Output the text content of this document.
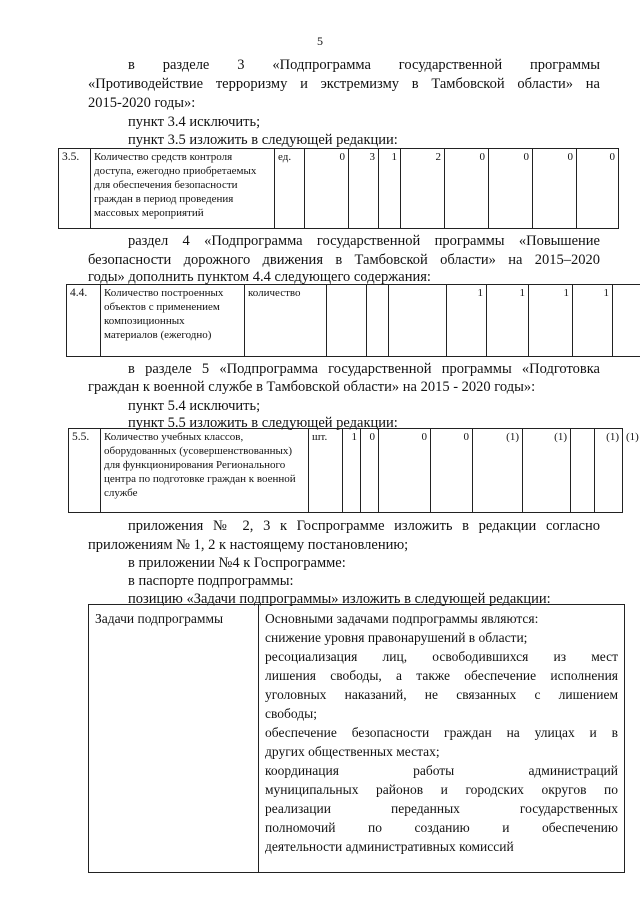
5
в разделе 3 «Подпрограмма государственной программы
«Противодействие терроризму и экстремизму в Тамбовской области» на
2015-2020 годы»:
пункт 3.4 исключить;
пункт 3.5 изложить в следующей редакции:
3.5.	Количество средств контроля доступа, ежегодно приобретаемых для обеспечения безопасности граждан в период проведения массовых мероприятий	ед.	0	3	1	2	0	0	0	0
раздел 4 «Подпрограмма государственной программы «Повышение
безопасности дорожного движения в Тамбовской области» на 2015–2020
годы» дополнить пунктом 4.4 следующего содержания:
4.4.	Количество построенных объектов с применением композиционных материалов (ежегодно)	количество				1	1	1	1	
в разделе 5 «Подпрограмма государственной программы «Подготовка
граждан к военной службе в Тамбовской области» на 2015 - 2020 годы»:
пункт 5.4 исключить;
пункт 5.5 изложить в следующей редакции:
5.5.	Количество учебных классов, оборудованных (усовершенствованных) для функционирования Регионального центра по подготовке граждан к военной службе	шт.	1	0	0	0	(1)	(1)		(1)	(1)
приложения № 2, 3 к Госпрограмме изложить в редакции согласно
приложениям № 1, 2 к настоящему постановлению;
в приложении №4 к Госпрограмме:
в паспорте подпрограммы:
позицию «Задачи подпрограммы» изложить в следующей редакции:
Задачи подпрограммы	Основными задачами подпрограммы являются:
снижение уровня правонарушений в области;
ресоциализация лиц, освободившихся из мест
лишения свободы, а также обеспечение исполнения
уголовных наказаний, не связанных с лишением
свободы;
обеспечение безопасности граждан на улицах и в
других общественных местах;
координация работы администраций
муниципальных районов и городских округов по
реализации переданных государственных
полномочий по созданию и обеспечению
деятельности административных комиссий
